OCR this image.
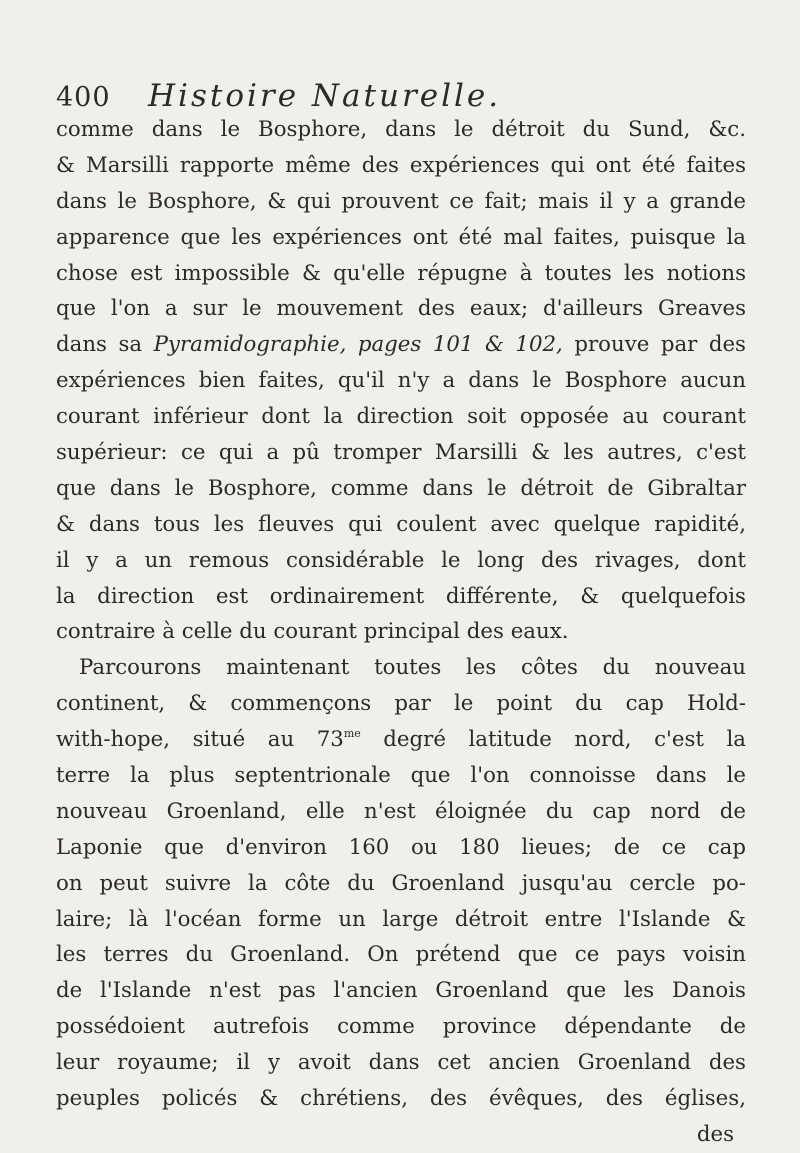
400 Histoire Naturelle.
comme dans le Bosphore, dans le détroit du Sund, &c.
& Marsilli rapporte même des expériences qui ont été faites
dans le Bosphore, & qui prouvent ce fait; mais il y a grande
apparence que les expériences ont été mal faites, puisque la
chose est impossible & qu'elle répugne à toutes les notions
que l'on a sur le mouvement des eaux; d'ailleurs Greaves
dans sa Pyramidographie, pages 101 & 102, prouve par des
expériences bien faites, qu'il n'y a dans le Bosphore aucun
courant inférieur dont la direction soit opposée au courant
supérieur: ce qui a pû tromper Marsilli & les autres, c'est
que dans le Bosphore, comme dans le détroit de Gibraltar
& dans tous les fleuves qui coulent avec quelque rapidité,
il y a un remous considérable le long des rivages, dont
la direction est ordinairement différente, & quelquefois
contraire à celle du courant principal des eaux.
Parcourons maintenant toutes les côtes du nouveau
continent, & commençons par le point du cap Hold-
with-hope, situé au $73^{me}$ degré latitude nord, c'est la
terre la plus septentrionale que l'on connoisse dans le
nouveau Groenland, elle n'est éloignée du cap nord de
Laponie que d'environ 160 ou 180 lieues; de ce cap
on peut suivre la côte du Groenland jusqu'au cercle po-
laire; là l'océan forme un large détroit entre l'Islande &
les terres du Groenland. On prétend que ce pays voisin
de l'Islande n'est pas l'ancien Groenland que les Danois
possédoient autrefois comme province dépendante de
leur royaume; il y avoit dans cet ancien Groenland des
peuples policés & chrétiens, des évêques, des églises,
des
